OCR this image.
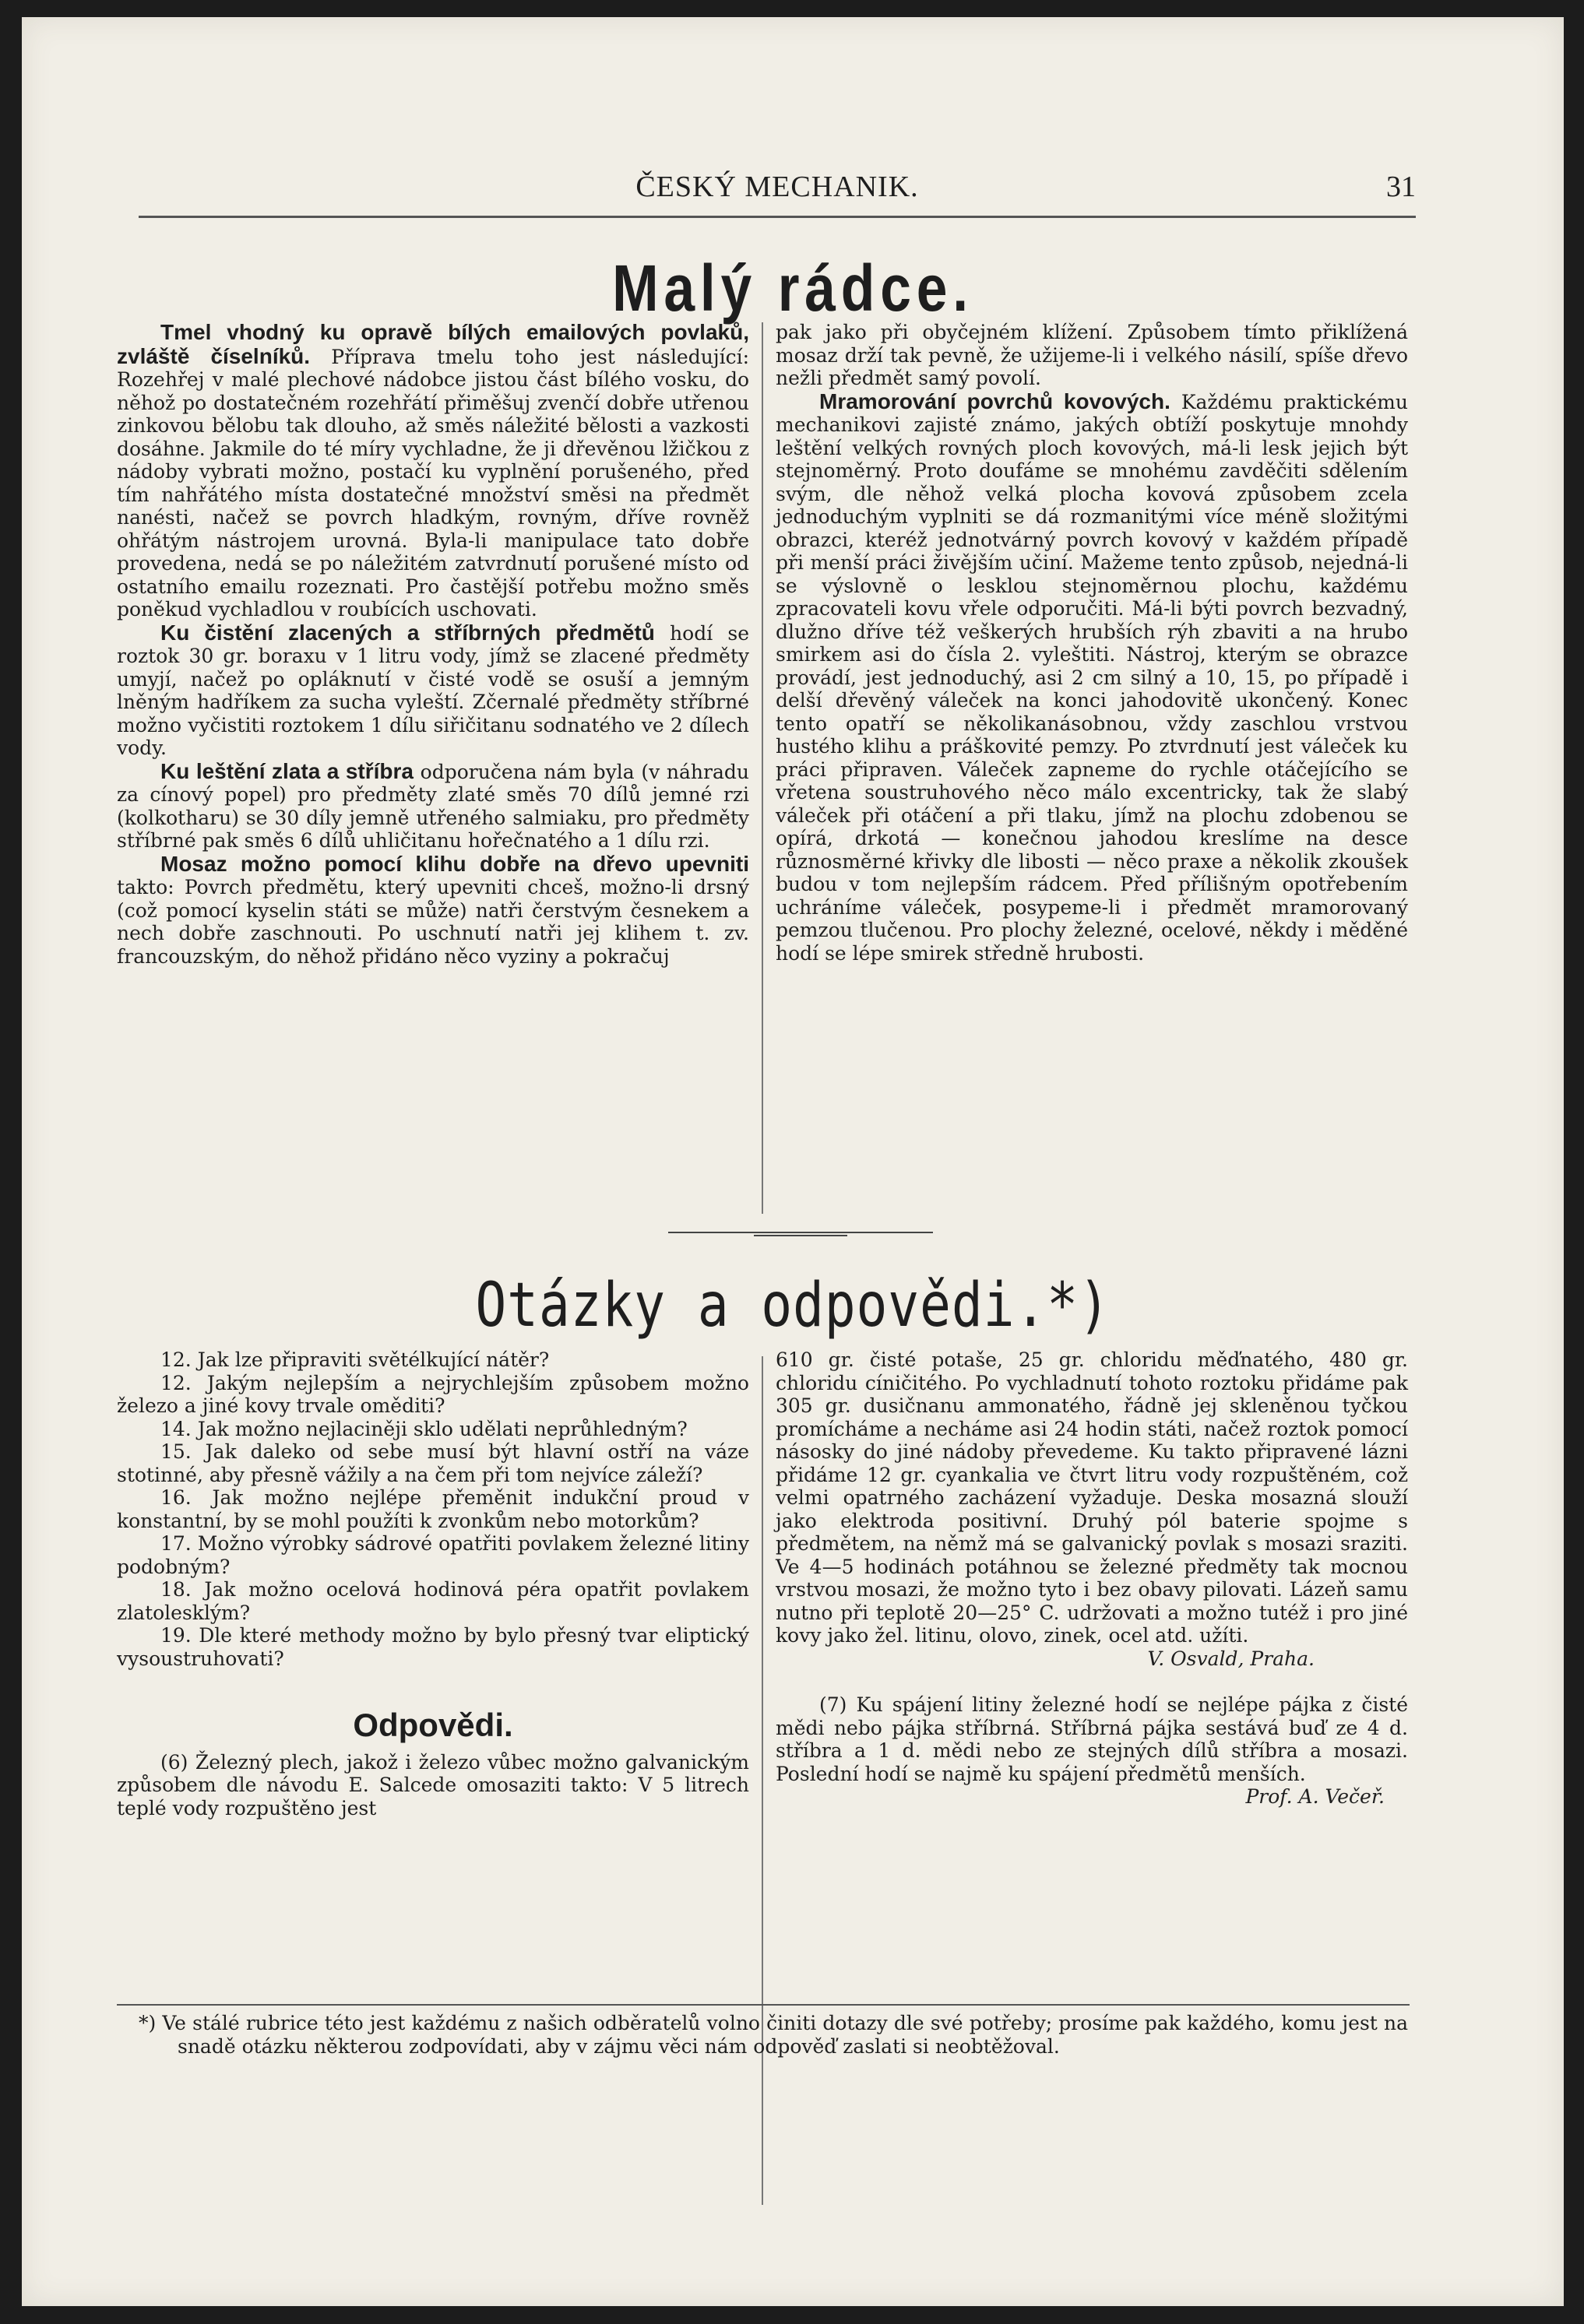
ČESKÝ MECHANIK.	31
Malý rádce.

Tmel vhodný ku opravě bílých emailových povlaků, zvláště číselníků. Příprava tmelu toho jest následující: Rozehřej v malé plechové nádobce jistou část bílého vosku, do něhož po dostatečném rozehřátí přiměšuj zvenčí dobře utřenou zinkovou bělobu tak dlouho, až směs náležité bělosti a vazkosti dosáhne. Jakmile do té míry vychladne, že ji dřevěnou lžičkou z nádoby vybrati možno, postačí ku vyplnění porušeného, před tím nahřátého místa dostatečné množství směsi na předmět nanésti, načež se povrch hladkým, rovným, dříve rovněž ohřátým nástrojem urovná. Byla-li manipulace tato dobře provedena, nedá se po náležitém zatvrdnutí porušené místo od ostatního emailu rozeznati. Pro častější potřebu možno směs poněkud vychladlou v roubících uschovati.

Ku čistění zlacených a stříbrných předmětů hodí se roztok 30 gr. boraxu v 1 litru vody, jímž se zlacené předměty umyjí, načež po opláknutí v čisté vodě se osuší a jemným lněným hadříkem za sucha vyleští. Zčernalé předměty stříbrné možno vyčistiti roztokem 1 dílu siřičitanu sodnatého ve 2 dílech vody.

Ku leštění zlata a stříbra odporučena nám byla (v náhradu za cínový popel) pro předměty zlaté směs 70 dílů jemné rzi (kolkotharu) se 30 díly jemně utřeného salmiaku, pro předměty stříbrné pak směs 6 dílů uhličitanu hořečnatého a 1 dílu rzi.

Mosaz možno pomocí klihu dobře na dřevo upevniti takto: Povrch předmětu, který upevniti chceš, možno-li drsný (což pomocí kyselin státi se může) natři čerstvým česnekem a nech dobře zaschnouti. Po uschnutí natři jej klihem t. zv. francouzským, do něhož přidáno něco vyziny a pokračuj

pak jako při obyčejném klížení. Způsobem tímto přiklížená mosaz drží tak pevně, že užijeme-li i velkého násilí, spíše dřevo nežli předmět samý povolí.

Mramorování povrchů kovových. Každému praktickému mechanikovi zajisté známo, jakých obtíží poskytuje mnohdy leštění velkých rovných ploch kovových, má-li lesk jejich být stejnoměrný. Proto doufáme se mnohému zavděčiti sdělením svým, dle něhož velká plocha kovová způsobem zcela jednoduchým vyplniti se dá rozmanitými více méně složitými obrazci, kteréž jednotvárný povrch kovový v každém případě při menší práci živějším učiní. Mažeme tento způsob, nejedná-li se výslovně o lesklou stejnoměrnou plochu, každému zpracovateli kovu vřele odporučiti. Má-li býti povrch bezvadný, dlužno dříve též veškerých hrubších rýh zbaviti a na hrubo smirkem asi do čísla 2. vyleštiti. Nástroj, kterým se obrazce provádí, jest jednoduchý, asi 2 cm silný a 10, 15, po případě i delší dřevěný váleček na konci jahodovitě ukončený. Konec tento opatří se několikanásobnou, vždy zaschlou vrstvou hustého klihu a práškovité pemzy. Po ztvrdnutí jest váleček ku práci připraven. Váleček zapneme do rychle otáčejícího se vřetena soustruhového něco málo excentricky, tak že slabý váleček při otáčení a při tlaku, jímž na plochu zdobenou se opírá, drkotá — konečnou jahodou kreslíme na desce různosměrné křivky dle libosti — něco praxe a několik zkoušek budou v tom nejlepším rádcem. Před přílišným opotřebením uchráníme váleček, posypeme-li i předmět mramorovaný pemzou tlučenou. Pro plochy železné, ocelové, někdy i měděné hodí se lépe smirek středně hrubosti.

Otázky a odpovědi.*)

12. Jak lze připraviti světélkující nátěr?

12. Jakým nejlepším a nejrychlejším způsobem možno železo a jiné kovy trvale oměditi?

14. Jak možno nejlaciněji sklo udělati neprůhledným?

15. Jak daleko od sebe musí být hlavní ostří na váze stotinné, aby přesně vážily a na čem při tom nejvíce záleží?

16. Jak možno nejlépe přeměnit indukční proud v konstantní, by se mohl použíti k zvonkům nebo motorkům?

17. Možno výrobky sádrové opatřiti povlakem železné litiny podobným?

18. Jak možno ocelová hodinová péra opatřit povlakem zlatolesklým?

19. Dle které methody možno by bylo přesný tvar eliptický vysoustruhovati?

Odpovědi.

(6) Železný plech, jakož i železo vůbec možno galvanickým způsobem dle návodu E. Salcede omosaziti takto: V 5 litrech teplé vody rozpuštěno jest

610 gr. čisté potaše, 25 gr. chloridu měďnatého, 480 gr. chloridu cíničitého. Po vychladnutí tohoto roztoku přidáme pak 305 gr. dusičnanu ammonatého, řádně jej skleněnou tyčkou promícháme a necháme asi 24 hodin státi, načež roztok pomocí násosky do jiné nádoby převedeme. Ku takto připravené lázni přidáme 12 gr. cyankalia ve čtvrt litru vody rozpuštěném, což velmi opatrného zacházení vyžaduje. Deska mosazná slouží jako elektroda positivní. Druhý pól baterie spojme s předmětem, na němž má se galvanický povlak s mosazi sraziti. Ve 4—5 hodinách potáhnou se železné předměty tak mocnou vrstvou mosazi, že možno tyto i bez obavy pilovati. Lázeň samu nutno při teplotě 20—25° C. udržovati a možno tutéž i pro jiné kovy jako žel. litinu, olovo, zinek, ocel atd. užíti.

V. Osvald, Praha.

(7) Ku spájení litiny železné hodí se nejlépe pájka z čisté mědi nebo pájka stříbrná. Stříbrná pájka sestává buď ze 4 d. stříbra a 1 d. mědi nebo ze stejných dílů stříbra a mosazi. Poslední hodí se najmě ku spájení předmětů menších.

Prof. A. Večeř.

*) Ve stálé rubrice této jest každému z našich odběratelů volno činiti dotazy dle své potřeby; prosíme pak každého, komu jest na snadě otázku některou zodpovídati, aby v zájmu věci nám odpověď zaslati si neobtěžoval.
